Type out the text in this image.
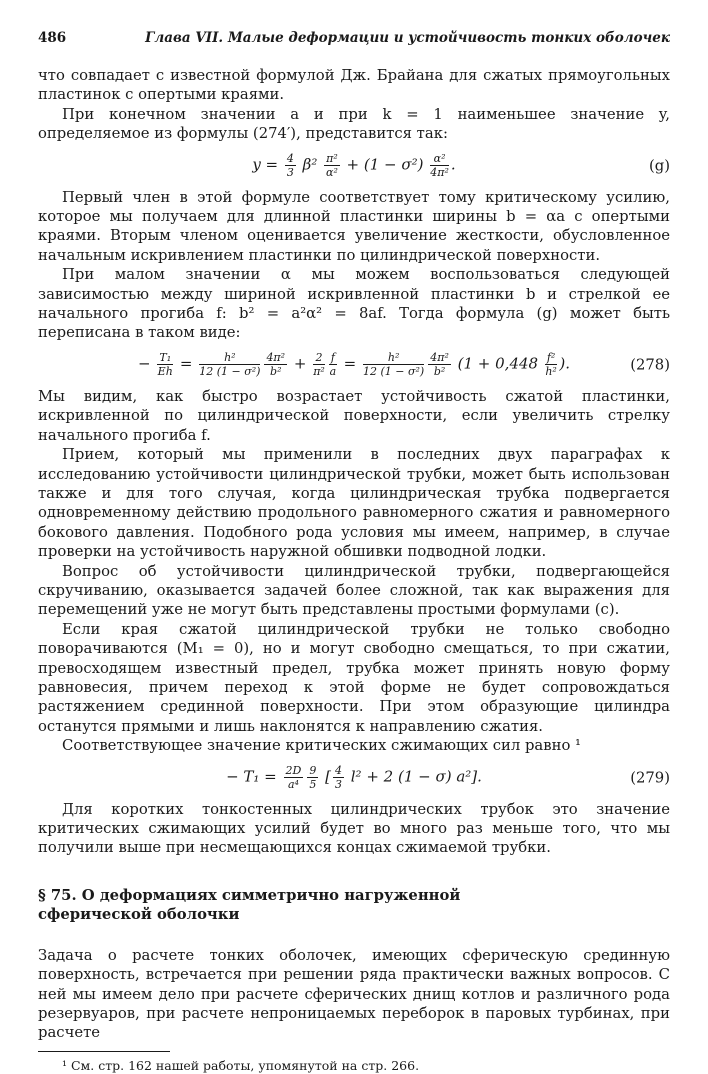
486	Глава VII. Малые деформации и устойчивость тонких оболочек

что совпадает с известной формулой Дж. Брайана для сжатых прямоугольных пластинок с опертыми краями.

При конечном значении a и при k = 1 наименьшее значение y, определяемое из формулы (274′), представится так:

$y = \frac{4}{3} \beta^2 \frac{\text{π²}}{\text{α²}} + (1 - \sigma^2) \frac{\text{α²}}{\text{4π²}}$ .	(g)

Первый член в этой формуле соответствует тому критическому усилию, которое мы получаем для длинной пластинки ширины b = αa с опертыми краями. Вторым членом оценивается увеличение жесткости, обусловленное начальным искривлением пластинки по цилиндрической поверхности.

При малом значении α мы можем воспользоваться следующей зависимостью между шириной искривленной пластинки b и стрелкой ее начального прогиба f: b² = a²α² = 8af. Тогда формула (g) может быть переписана в таком виде:

− $\frac{\text{T₁}}{Eh} = \frac{\text{h²}}{\text{12 (1 − σ²)}} \frac{\text{4π²}}{\text{b²}} + \frac{2}{\text{π²}} \frac{f}{a} = \frac{\text{h²}}{\text{12 (1 − σ²)}} \frac{\text{4π²}}{\text{b²}} (1 + 0,448 \frac{\text{f²}}{\text{h²}}$ ).	(278)

Мы видим, как быстро возрастает устойчивость сжатой пластинки, искривленной по цилиндрической поверхности, если увеличить стрелку начального прогиба f.

Прием, который мы применили в последних двух параграфах к исследованию устойчивости цилиндрической трубки, может быть использован также и для того случая, когда цилиндрическая трубка подвергается одновременному действию продольного равномерного сжатия и равномерного бокового давления. Подобного рода условия мы имеем, например, в случае проверки на устойчивость наружной обшивки подводной лодки.

Вопрос об устойчивости цилиндрической трубки, подвергающейся скручиванию, оказывается задачей более сложной, так как выражения для перемещений уже не могут быть представлены простыми формулами (c).

Если края сжатой цилиндрической трубки не только свободно поворачиваются (M₁ = 0), но и могут свободно смещаться, то при сжатии, превосходящем известный предел, трубка может принять новую форму равновесия, причем переход к этой форме не будет сопровождаться растяжением срединной поверхности. При этом образующие цилиндра останутся прямыми и лишь наклонятся к направлению сжатия.

Соответствующее значение критических сжимающих сил равно ¹

− $T_1 = \frac{2D}{\text{a⁴}} \frac{9}{5}$ [ $\frac{4}{3} l^2 + 2$ (1 − σ) a²].	(279)

Для коротких тонкостенных цилиндрических трубок это значение критических сжимающих усилий будет во много раз меньше того, что мы получили выше при несмещающихся концах сжимаемой трубки.

§ 75. О деформациях симметрично нагруженной

сферической оболочки

Задача о расчете тонких оболочек, имеющих сферическую срединную поверхность, встречается при решении ряда практически важных вопросов. С ней мы имеем дело при расчете сферических днищ котлов и различного рода резервуаров, при расчете непроницаемых переборок в паровых турбинах, при расчете

¹ См. стр. 162 нашей работы, упомянутой на стр. 266.
